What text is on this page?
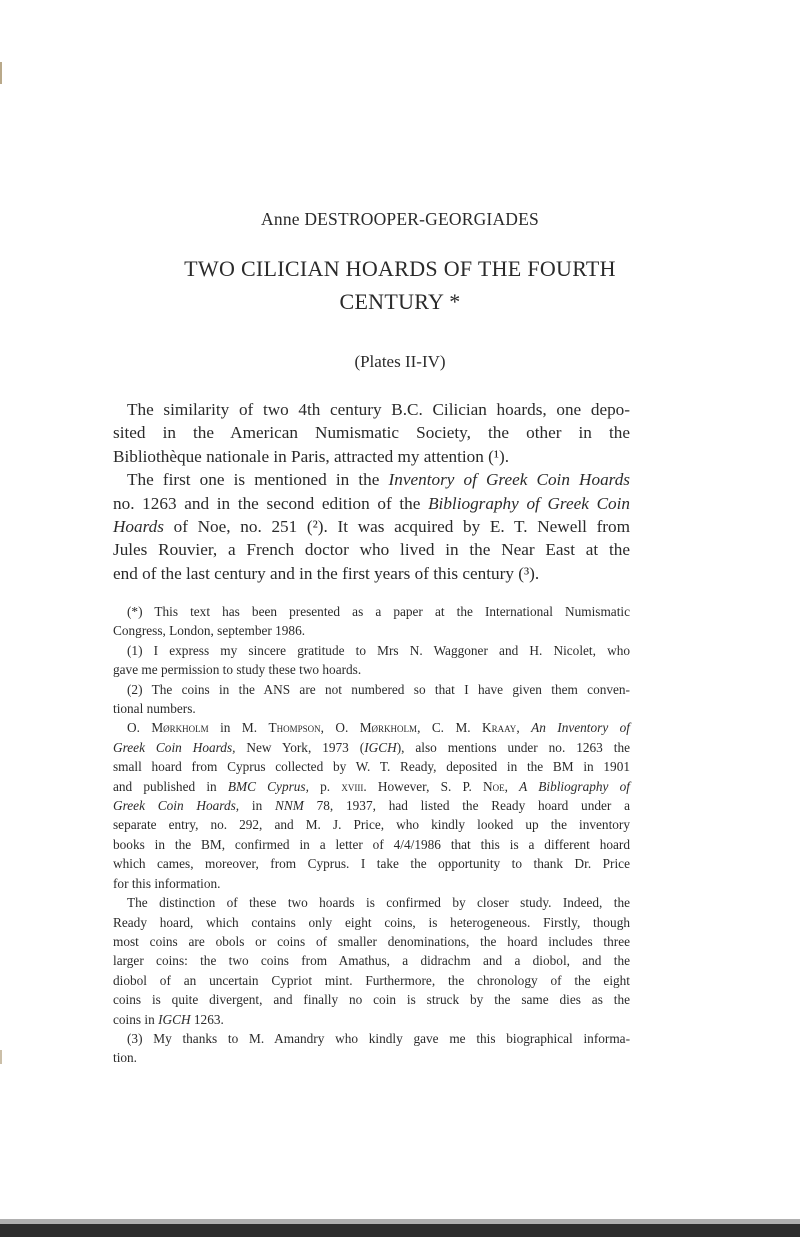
Anne DESTROOPER-GEORGIADES
TWO CILICIAN HOARDS OF THE FOURTH
CENTURY *
(Plates II-IV)
The similarity of two 4th century B.C. Cilician hoards, one depo-
sited in the American Numismatic Society, the other in the
Bibliothèque nationale in Paris, attracted my attention (¹).
The first one is mentioned in the Inventory of Greek Coin Hoards
no. 1263 and in the second edition of the Bibliography of Greek Coin
Hoards of Noe, no. 251 (²). It was acquired by E. T. Newell from
Jules Rouvier, a French doctor who lived in the Near East at the
end of the last century and in the first years of this century (³).
(*) This text has been presented as a paper at the International Numismatic
Congress, London, september 1986.
(1) I express my sincere gratitude to Mrs N. Waggoner and H. Nicolet, who
gave me permission to study these two hoards.
(2) The coins in the ANS are not numbered so that I have given them conven-
tional numbers.
O. Mørkholm in M. Thompson, O. Mørkholm, C. M. Kraay, An Inventory of
Greek Coin Hoards, New York, 1973 (IGCH), also mentions under no. 1263 the
small hoard from Cyprus collected by W. T. Ready, deposited in the BM in 1901
and published in BMC Cyprus, p. xviii. However, S. P. Noe, A Bibliography of
Greek Coin Hoards, in NNM 78, 1937, had listed the Ready hoard under a
separate entry, no. 292, and M. J. Price, who kindly looked up the inventory
books in the BM, confirmed in a letter of 4/4/1986 that this is a different hoard
which cames, moreover, from Cyprus. I take the opportunity to thank Dr. Price
for this information.
The distinction of these two hoards is confirmed by closer study. Indeed, the
Ready hoard, which contains only eight coins, is heterogeneous. Firstly, though
most coins are obols or coins of smaller denominations, the hoard includes three
larger coins: the two coins from Amathus, a didrachm and a diobol, and the
diobol of an uncertain Cypriot mint. Furthermore, the chronology of the eight
coins is quite divergent, and finally no coin is struck by the same dies as the
coins in IGCH 1263.
(3) My thanks to M. Amandry who kindly gave me this biographical informa-
tion.
